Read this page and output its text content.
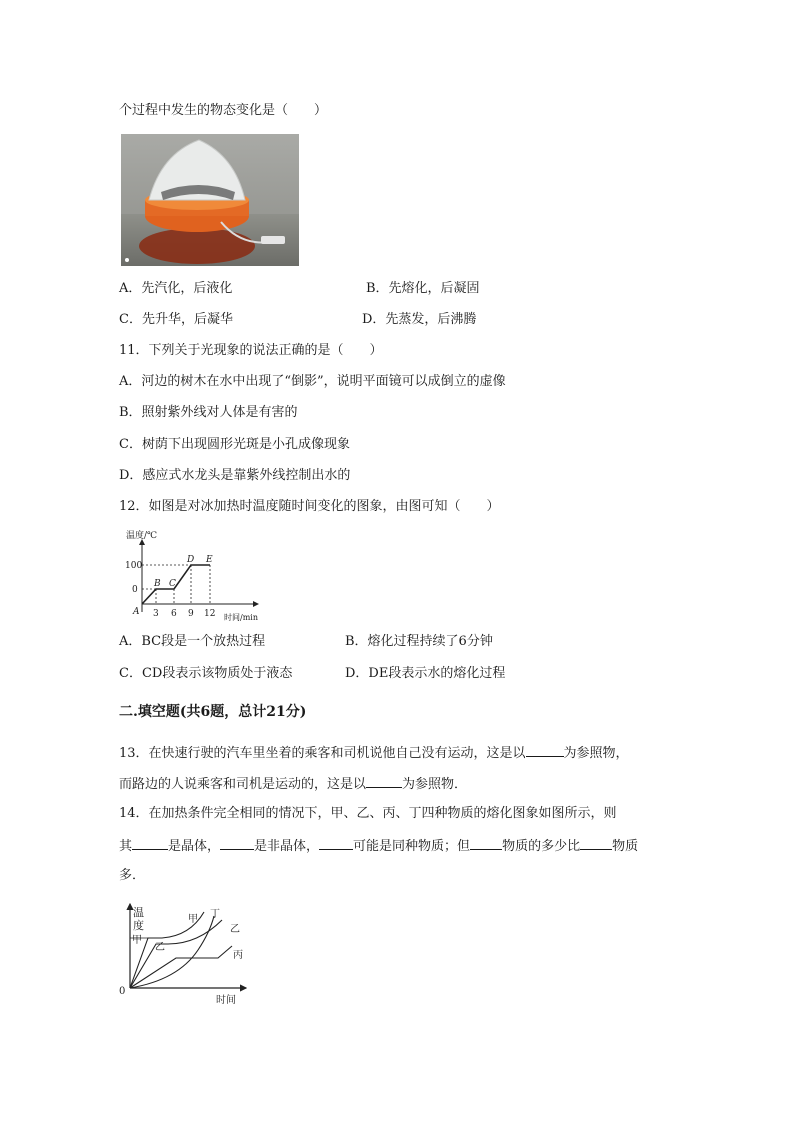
个过程中发生的物态变化是（　　）
A．先汽化，后液化	B．先熔化，后凝固
C．先升华，后凝华	D．先蒸发，后沸腾
11．下列关于光现象的说法正确的是（　　）
A．河边的树木在水中出现了“倒影”，说明平面镜可以成倒立的虚像
B．照射紫外线对人体是有害的
C．树荫下出现圆形光斑是小孔成像现象
D．感应式水龙头是靠紫外线控制出水的
12．如图是对冰加热时温度随时间变化的图象，由图可知（　　）
温度/℃
时间/min
100
0
3 6 9 12
A
B C
D E
A．BC段是一个放热过程	B．熔化过程持续了6分钟
C．CD段表示该物质处于液态	D．DE段表示水的熔化过程
二.填空题(共6题，总计21分)
13．在快速行驶的汽车里坐着的乘客和司机说他自己没有运动，这是以	为参照物，
而路边的人说乘客和司机是运动的，这是以	为参照物．
14．在加热条件完全相同的情况下，甲、乙、丙、丁四种物质的熔化图象如图所示，则
其	是晶体，	是非晶体，	可能是同种物质；但 物质的多少比 物质
多．
温
度
0
时间
甲 丁
乙
丙
甲
乙
